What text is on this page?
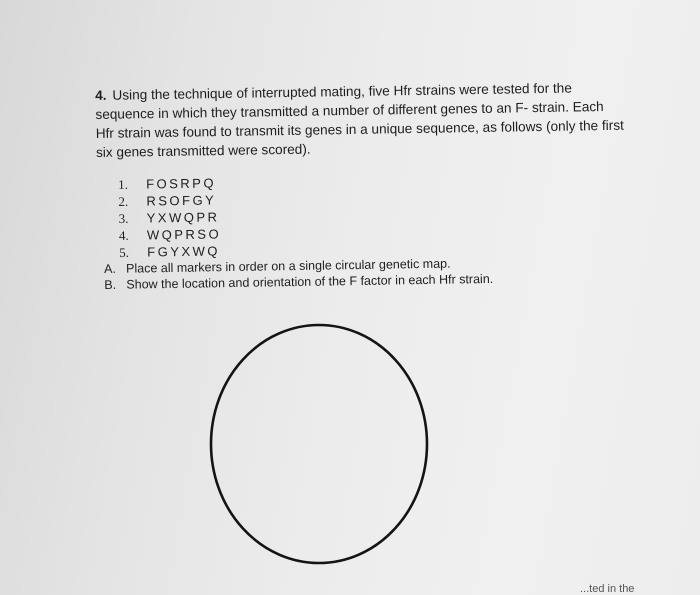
4. Using the technique of interrupted mating, five Hfr strains were tested for the
sequence in which they transmitted a number of different genes to an F- strain. Each
Hfr strain was found to transmit its genes in a unique sequence, as follows (only the first
six genes transmitted were scored).
1.	FOSRPQ
2.	RSOFGY
3.	YXWQPR
4.	WQPRSO
5.	FGYXWQ
A. Place all markers in order on a single circular genetic map.
B. Show the location and orientation of the F factor in each Hfr strain.
...ted in the
